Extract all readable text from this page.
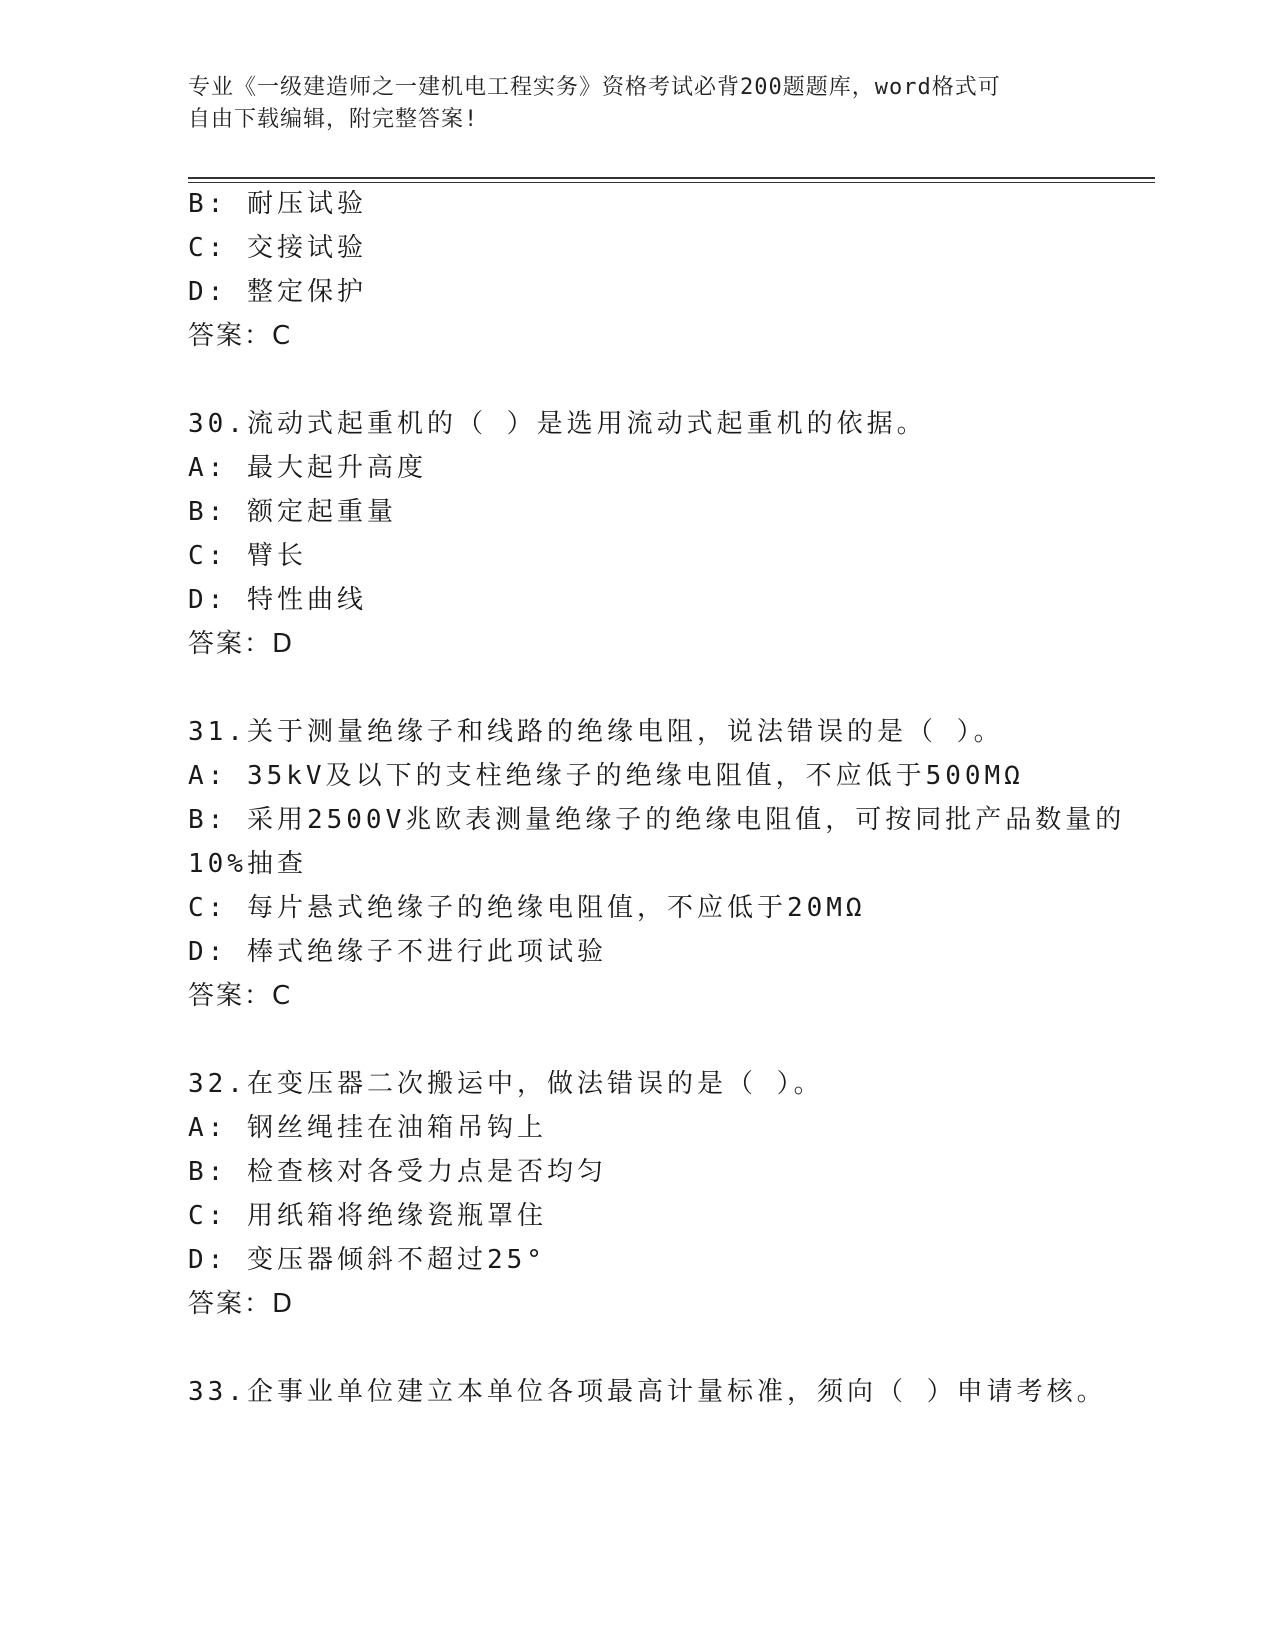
专业《一级建造师之一建机电工程实务》资格考试必背200题题库，word格式可
自由下载编辑，附完整答案!
B: 耐压试验
C: 交接试验
D: 整定保护
答案：C
30.流动式起重机的（ ）是选用流动式起重机的依据。
A: 最大起升高度
B: 额定起重量
C: 臂长
D: 特性曲线
答案：D
31.关于测量绝缘子和线路的绝缘电阻，说法错误的是（ ）。
A: 35kV及以下的支柱绝缘子的绝缘电阻值，不应低于500MΩ
B: 采用2500V兆欧表测量绝缘子的绝缘电阻值，可按同批产品数量的
10%抽查
C: 每片悬式绝缘子的绝缘电阻值，不应低于20MΩ
D: 棒式绝缘子不进行此项试验
答案：C
32.在变压器二次搬运中，做法错误的是（ ）。
A: 钢丝绳挂在油箱吊钩上
B: 检查核对各受力点是否均匀
C: 用纸箱将绝缘瓷瓶罩住
D: 变压器倾斜不超过25°
答案：D
33.企事业单位建立本单位各项最高计量标准，须向（ ）申请考核。
